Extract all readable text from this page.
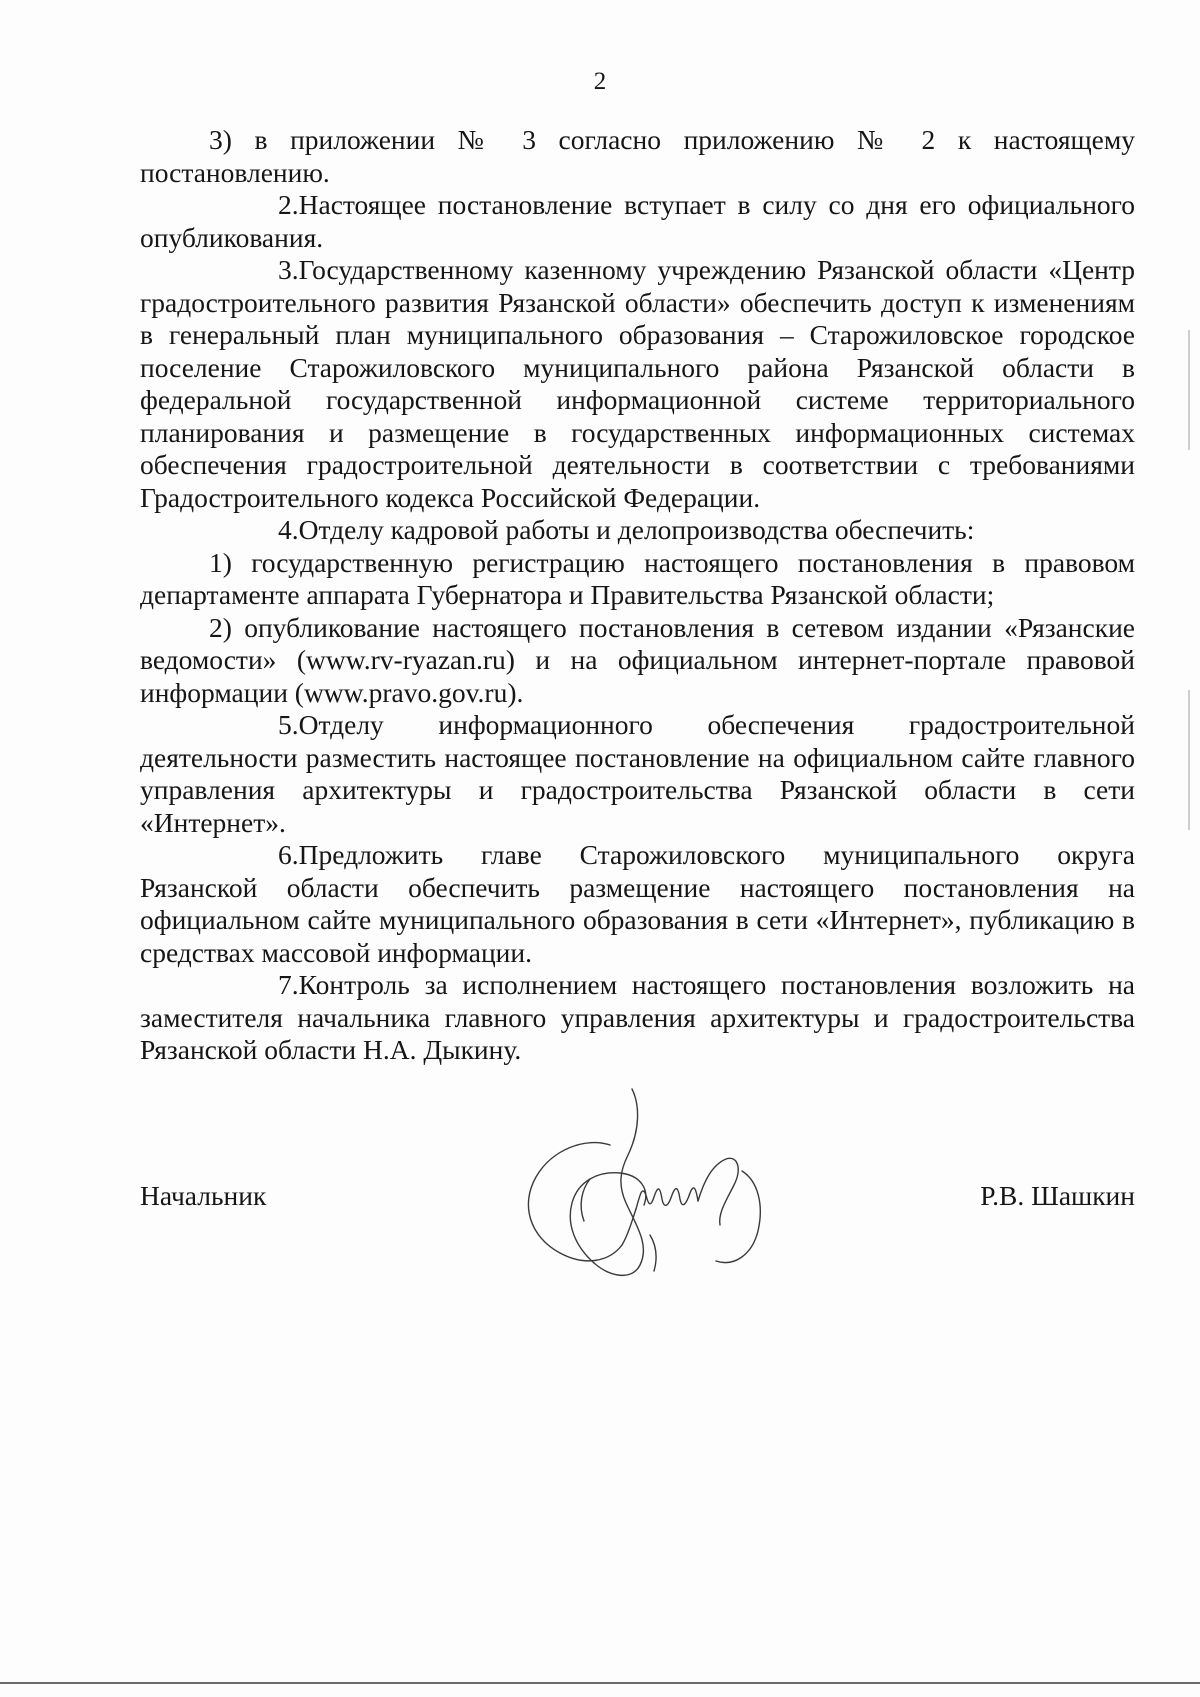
2

3) в приложении № 3 согласно приложению № 2 к настоящему постановлению.

2.Настоящее постановление вступает в силу со дня его официального опубликования.

3.Государственному казенному учреждению Рязанской области «Центр градостроительного развития Рязанской области» обеспечить доступ к изменениям в генеральный план муниципального образования – Старожиловское городское поселение Старожиловского муниципального района Рязанской области в федеральной государственной информационной системе территориального планирования и размещение в государственных информационных системах обеспечения градостроительной деятельности в соответствии с требованиями Градостроительного кодекса Российской Федерации.

4.Отделу кадровой работы и делопроизводства обеспечить:

1) государственную регистрацию настоящего постановления в правовом департаменте аппарата Губернатора и Правительства Рязанской области;

2) опубликование настоящего постановления в сетевом издании «Рязанские ведомости» (www.rv-ryazan.ru) и на официальном интернет-портале правовой информации (www.pravo.gov.ru).

5.Отделу информационного обеспечения градостроительной деятельности разместить настоящее постановление на официальном сайте главного управления архитектуры и градостроительства Рязанской области в сети «Интернет».

6.Предложить главе Старожиловского муниципального округа Рязанской области обеспечить размещение настоящего постановления на официальном сайте муниципального образования в сети «Интернет», публикацию в средствах массовой информации.

7.Контроль за исполнением настоящего постановления возложить на заместителя начальника главного управления архитектуры и градостроительства Рязанской области Н.А. Дыкину.

Начальник	Р.В. Шашкин
